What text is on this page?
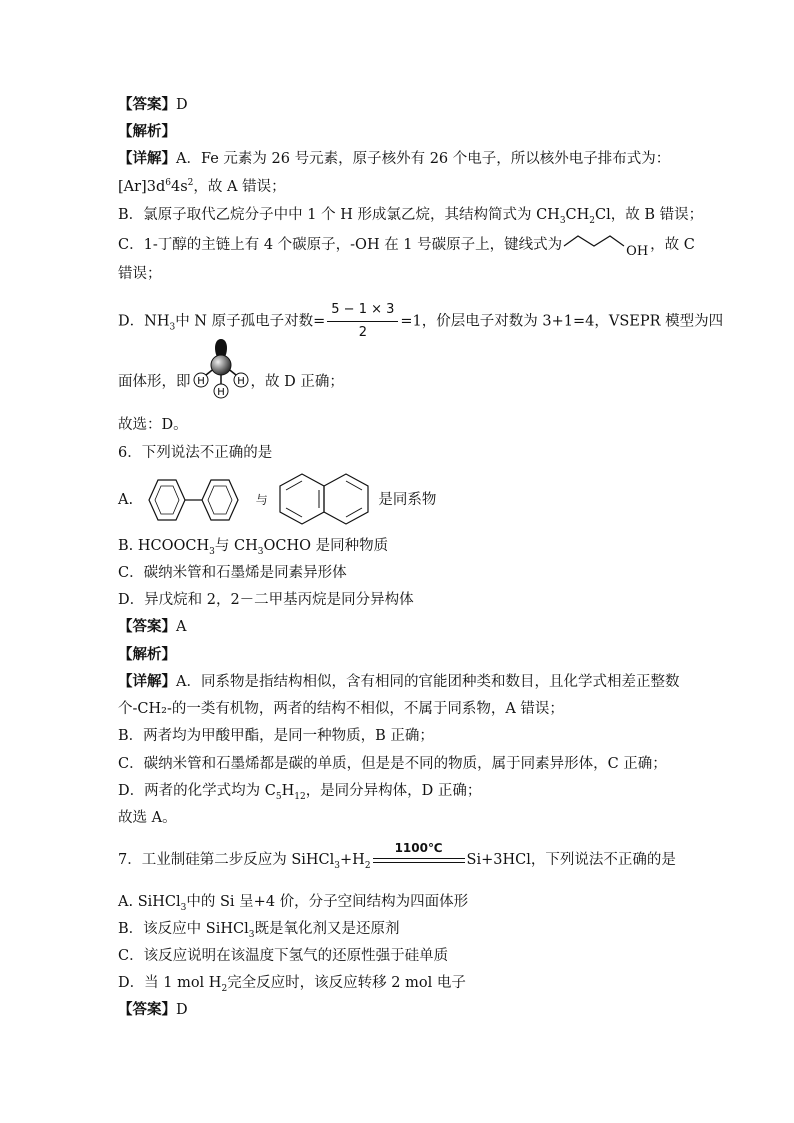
【答案】D
【解析】
【详解】A．Fe 元素为 26 号元素，原子核外有 26 个电子，所以核外电子排布式为：
$[Ar]3d^64s^2$，故 A 错误；
B．氯原子取代乙烷分子中中 1 个 H 形成氯乙烷，其结构简式为 $CH_3CH_2Cl$，故 B 错误；
C．1-丁醇的主链上有 4 个碳原子，-OH 在 1 号碳原子上，键线式为	OH ，故 C
错误；
D．$NH_3$中 N 原子孤电子对数= $\frac{5 - 1 \times 3}{2} =1$，价层电子对数为 3+1=4，VSEPR 模型为四
面体形，即 H	H
H
，故 D 正确；
故选：D。
6．下列说法不正确的是
A.	与	是同系物
B. $HCOOCH_3$与 $CH_3OCHO$ 是同种物质
C．碳纳米管和石墨烯是同素异形体
D．异戊烷和 2，2－二甲基丙烷是同分异构体
【答案】A
【解析】
【详解】A．同系物是指结构相似，含有相同的官能团种类和数目，且化学式相差正整数
个-CH₂-的一类有机物，两者的结构不相似，不属于同系物，A 错误；
B．两者均为甲酸甲酯，是同一种物质，B 正确；
C．碳纳米管和石墨烯都是碳的单质，但是是不同的物质，属于同素异形体，C 正确；
D．两者的化学式均为 $C_5H_{12}$，是同分异构体，D 正确；
故选 A。
7．工业制硅第二步反应为 $SiHCl_3+H_2$
1100℃
Si+3HCl，下列说法不正确的是
A. SiHCl$_3$中的 Si 呈+4 价，分子空间结构为四面体形
B．该反应中 SiHCl$_3$既是氧化剂又是还原剂
C．该反应说明在该温度下氢气的还原性强于硅单质
D．当 1 mol $H_2$完全反应时，该反应转移 2 mol 电子
【答案】D
